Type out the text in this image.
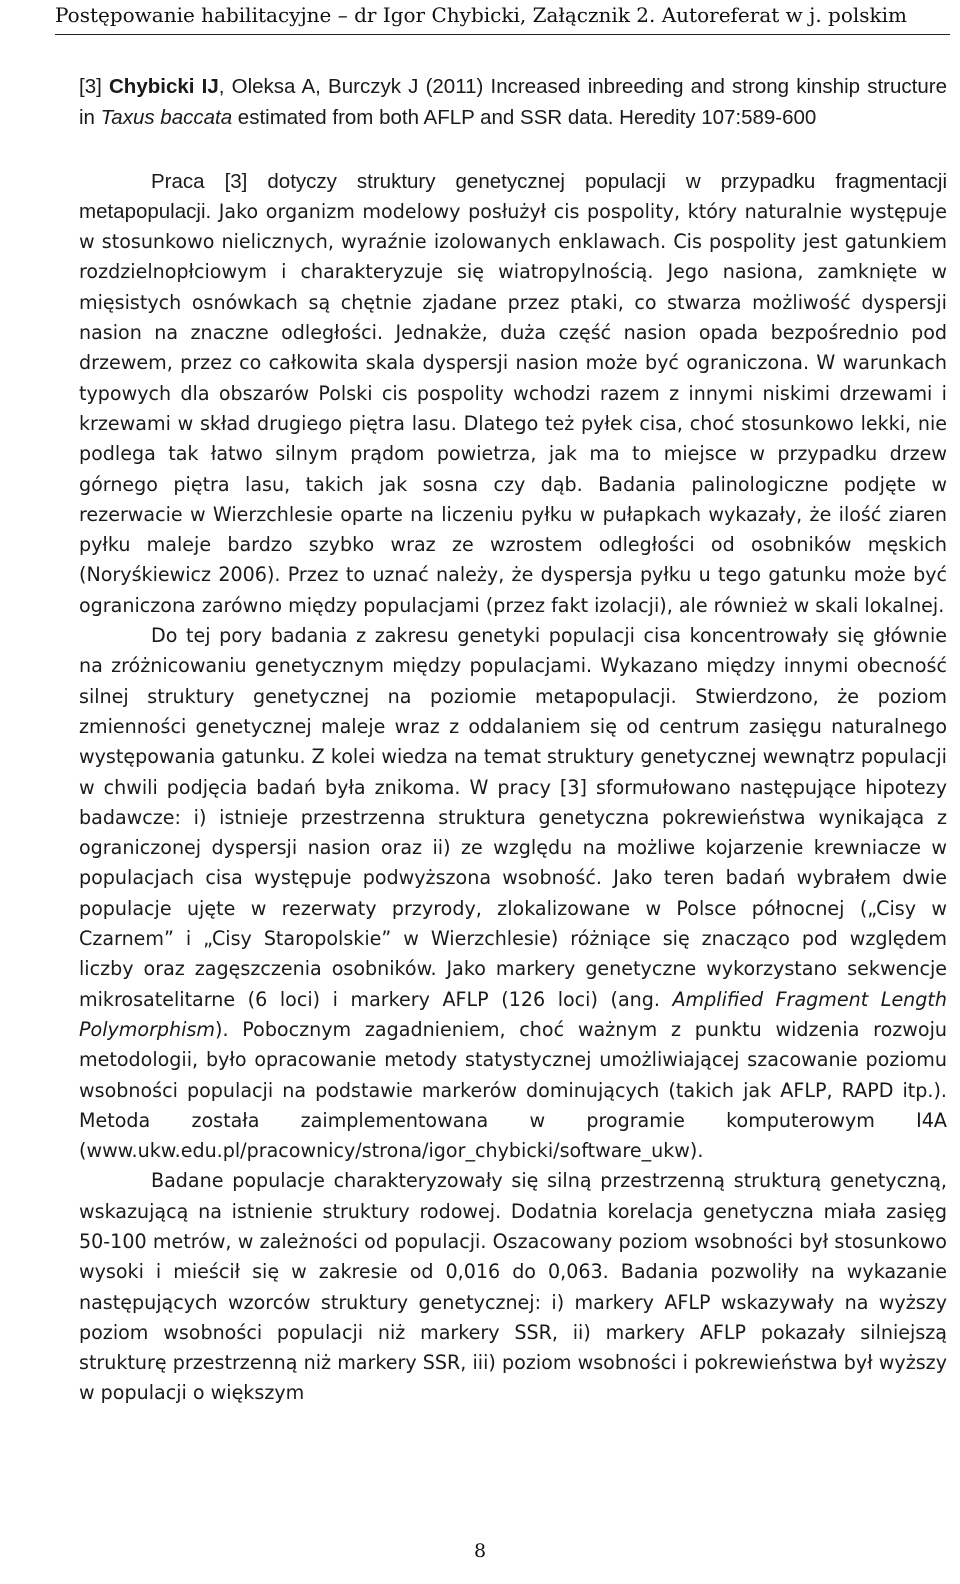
Postępowanie habilitacyjne – dr Igor Chybicki, Załącznik 2. Autoreferat w j. polskim

[3] Chybicki IJ, Oleksa A, Burczyk J (2011) Increased inbreeding and strong kinship structure in Taxus baccata estimated from both AFLP and SSR data. Heredity 107:589-600

Praca [3] dotyczy struktury genetycznej populacji w przypadku fragmentacji metapopulacji. Jako organizm modelowy posłużył cis pospolity, który naturalnie występuje w stosunkowo nielicznych, wyraźnie izolowanych enklawach. Cis pospolity jest gatunkiem rozdzielnopłciowym i charakteryzuje się wiatropylnością. Jego nasiona, zamknięte w mięsistych osnówkach są chętnie zjadane przez ptaki, co stwarza możliwość dyspersji nasion na znaczne odległości. Jednakże, duża część nasion opada bezpośrednio pod drzewem, przez co całkowita skala dyspersji nasion może być ograniczona. W warunkach typowych dla obszarów Polski cis pospolity wchodzi razem z innymi niskimi drzewami i krzewami w skład drugiego piętra lasu. Dlatego też pyłek cisa, choć stosunkowo lekki, nie podlega tak łatwo silnym prądom powietrza, jak ma to miejsce w przypadku drzew górnego piętra lasu, takich jak sosna czy dąb. Badania palinologiczne podjęte w rezerwacie w Wierzchlesie oparte na liczeniu pyłku w pułapkach wykazały, że ilość ziaren pyłku maleje bardzo szybko wraz ze wzrostem odległości od osobników męskich (Noryśkiewicz 2006). Przez to uznać należy, że dyspersja pyłku u tego gatunku może być ograniczona zarówno między populacjami (przez fakt izolacji), ale również w skali lokalnej.

Do tej pory badania z zakresu genetyki populacji cisa koncentrowały się głównie na zróżnicowaniu genetycznym między populacjami. Wykazano między innymi obecność silnej struktury genetycznej na poziomie metapopulacji. Stwierdzono, że poziom zmienności genetycznej maleje wraz z oddalaniem się od centrum zasięgu naturalnego występowania gatunku. Z kolei wiedza na temat struktury genetycznej wewnątrz populacji w chwili podjęcia badań była znikoma. W pracy [3] sformułowano następujące hipotezy badawcze: i) istnieje przestrzenna struktura genetyczna pokrewieństwa wynikająca z ograniczonej dyspersji nasion oraz ii) ze względu na możliwe kojarzenie krewniacze w populacjach cisa występuje podwyższona wsobność. Jako teren badań wybrałem dwie populacje ujęte w rezerwaty przyrody, zlokalizowane w Polsce północnej („Cisy w Czarnem” i „Cisy Staropolskie” w Wierzchlesie) różniące się znacząco pod względem liczby oraz zagęszczenia osobników. Jako markery genetyczne wykorzystano sekwencje mikrosatelitarne (6 loci) i markery AFLP (126 loci) (ang. Amplified Fragment Length Polymorphism). Pobocznym zagadnieniem, choć ważnym z punktu widzenia rozwoju metodologii, było opracowanie metody statystycznej umożliwiającej szacowanie poziomu wsobności populacji na podstawie markerów dominujących (takich jak AFLP, RAPD itp.). Metoda została zaimplementowana w programie komputerowym I4A (www.ukw.edu.pl/pracownicy/strona/igor_chybicki/software_ukw).

Badane populacje charakteryzowały się silną przestrzenną strukturą genetyczną, wskazującą na istnienie struktury rodowej. Dodatnia korelacja genetyczna miała zasięg 50-100 metrów, w zależności od populacji. Oszacowany poziom wsobności był stosunkowo wysoki i mieścił się w zakresie od 0,016 do 0,063. Badania pozwoliły na wykazanie następujących wzorców struktury genetycznej: i) markery AFLP wskazywały na wyższy poziom wsobności populacji niż markery SSR, ii) markery AFLP pokazały silniejszą strukturę przestrzenną niż markery SSR, iii) poziom wsobności i pokrewieństwa był wyższy w populacji o większym

8
